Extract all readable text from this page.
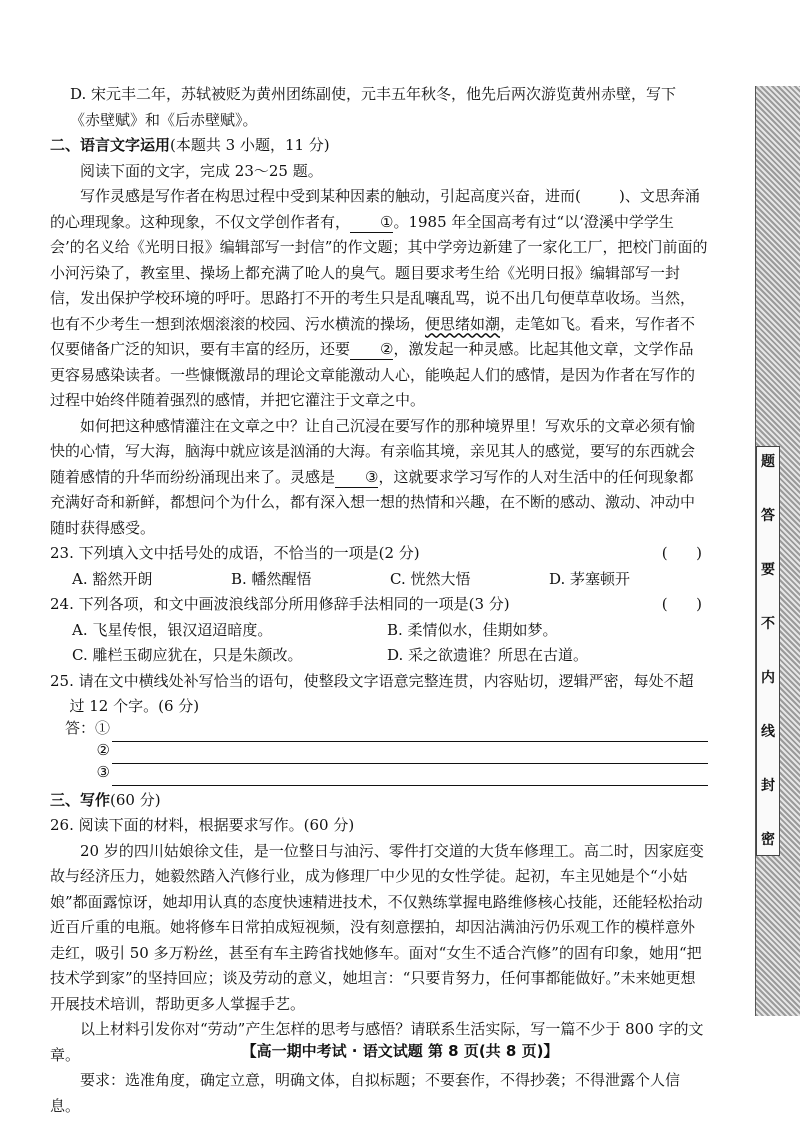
D. 宋元丰二年，苏轼被贬为黄州团练副使，元丰五年秋冬，他先后两次游览黄州赤壁，写下

《赤壁赋》和《后赤壁赋》。

二、语言文字运用(本题共 3 小题，11 分)

阅读下面的文字，完成 23～25 题。

写作灵感是写作者在构思过程中受到某种因素的触动，引起高度兴奋，进而(	)、文思奔涌的心理现象。这种现象，不仅文学创作者有， ①。1985 年全国高考有过“以‘澄溪中学学生会’的名义给《光明日报》编辑部写一封信”的作文题；其中学旁边新建了一家化工厂，把校门前面的小河污染了，教室里、操场上都充满了呛人的臭气。题目要求考生给《光明日报》编辑部写一封信，发出保护学校环境的呼吁。思路打不开的考生只是乱嚷乱骂，说不出几句便草草收场。当然，也有不少考生一想到浓烟滚滚的校园、污水横流的操场，便思绪如潮，走笔如飞。看来，写作者不仅要储备广泛的知识，要有丰富的经历，还要 ②，激发起一种灵感。比起其他文章，文学作品更容易感染读者。一些慷慨激昂的理论文章能激动人心，能唤起人们的感情，是因为作者在写作的过程中始终伴随着强烈的感情，并把它灌注于文章之中。

如何把这种感情灌注在文章之中？让自己沉浸在要写作的那种境界里！写欢乐的文章必须有愉快的心情，写大海，脑海中就应该是汹涌的大海。有亲临其境，亲见其人的感觉，要写的东西就会随着感情的升华而纷纷涌现出来了。灵感是 ③，这就要求学习写作的人对生活中的任何现象都充满好奇和新鲜，都想问个为什么，都有深入想一想的热情和兴趣，在不断的感动、激动、冲动中随时获得感受。

23. 下列填入文中括号处的成语，不恰当的一项是(2 分)	(      )
A. 豁然开朗	B. 幡然醒悟	C. 恍然大悟	D. 茅塞顿开
24. 下列各项，和文中画波浪线部分所用修辞手法相同的一项是(3 分)	(      )
A. 飞星传恨，银汉迢迢暗度。	B. 柔情似水，佳期如梦。
C. 雕栏玉砌应犹在，只是朱颜改。	D. 采之欲遗谁？所思在古道。

25. 请在文中横线处补写恰当的语句，使整段文字语意完整连贯，内容贴切，逻辑严密，每处不超过 12 个字。(6 分)

答：①
②
③

三、写作(60 分)

26. 阅读下面的材料，根据要求写作。(60 分)

20 岁的四川姑娘徐文佳，是一位整日与油污、零件打交道的大货车修理工。高二时，因家庭变故与经济压力，她毅然踏入汽修行业，成为修理厂中少见的女性学徒。起初，车主见她是个“小姑娘”都面露惊讶，她却用认真的态度快速精进技术，不仅熟练掌握电路维修核心技能，还能轻松抬动近百斤重的电瓶。她将修车日常拍成短视频，没有刻意摆拍，却因沾满油污仍乐观工作的模样意外走红，吸引 50 多万粉丝，甚至有车主跨省找她修车。面对“女生不适合汽修”的固有印象，她用“把技术学到家”的坚持回应；谈及劳动的意义，她坦言：“只要肯努力，任何事都能做好。”未来她更想开展技术培训，帮助更多人掌握手艺。

以上材料引发你对“劳动”产生怎样的思考与感悟？请联系生活实际，写一篇不少于 800 字的文章。

要求：选准角度，确定立意，明确文体，自拟标题；不要套作，不得抄袭；不得泄露个人信息。

【高一期中考试 · 语文试题 第 8 页(共 8 页)】
题
答
要
不
内
线
封
密
